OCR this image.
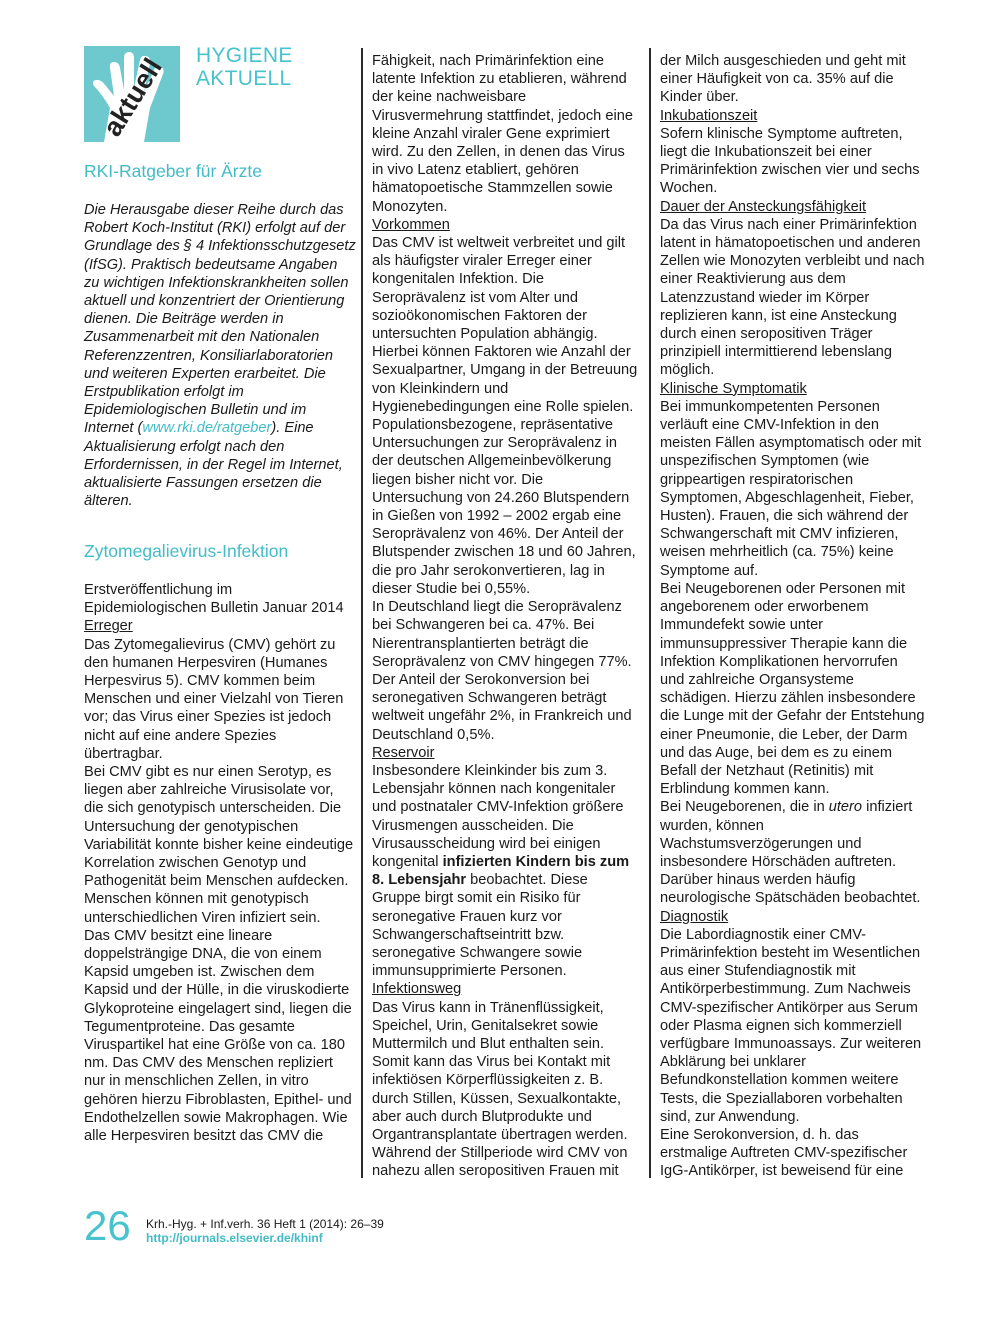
aktuell HYGIENE
AKTUELL
RKI-Ratgeber für Ärzte

Die Herausgabe dieser Reihe durch das Robert Koch-Institut (RKI) erfolgt auf der Grundlage des § 4 Infektionsschutzgesetz (IfSG). Praktisch bedeutsame Angaben zu wichtigen Infektionskrankheiten sollen aktuell und konzentriert der Orientierung dienen. Die Beiträge werden in Zusammenarbeit mit den Nationalen Referenzzentren, Konsiliarlaboratorien und weiteren Experten erarbeitet. Die Erstpublikation erfolgt im Epidemiologischen Bulletin und im Internet (www.rki.de/ratgeber). Eine Aktualisierung erfolgt nach den Erfordernissen, in der Regel im Internet, aktualisierte Fassungen ersetzen die älteren.

Zytomegalievirus-Infektion

Erstveröffentlichung im Epidemiologischen Bulletin Januar 2014

Erreger

Das Zytomegalievirus (CMV) gehört zu den humanen Herpesviren (Humanes Herpesvirus 5). CMV kommen beim Menschen und einer Vielzahl von Tieren vor; das Virus einer Spezies ist jedoch nicht auf eine andere Spezies übertragbar.

Bei CMV gibt es nur einen Serotyp, es liegen aber zahlreiche Virusisolate vor, die sich genotypisch unterscheiden. Die Untersuchung der genotypischen Variabilität konnte bisher keine eindeutige Korrelation zwischen Genotyp und Pathogenität beim Menschen aufdecken. Menschen können mit genotypisch unterschiedlichen Viren infiziert sein.

Das CMV besitzt eine lineare doppelsträngige DNA, die von einem Kapsid umgeben ist. Zwischen dem Kapsid und der Hülle, in die viruskodierte Glykoproteine eingelagert sind, liegen die Tegumentproteine. Das gesamte Viruspartikel hat eine Größe von ca. 180 nm. Das CMV des Menschen repliziert nur in menschlichen Zellen, in vitro gehören hierzu Fibroblasten, Epithel- und Endothelzellen sowie Makrophagen. Wie alle Herpesviren besitzt das CMV die

Fähigkeit, nach Primärinfektion eine latente Infektion zu etablieren, während der keine nachweisbare Virusvermehrung stattfindet, jedoch eine kleine Anzahl viraler Gene exprimiert wird. Zu den Zellen, in denen das Virus in vivo Latenz etabliert, gehören hämatopoetische Stammzellen sowie Monozyten.

Vorkommen

Das CMV ist weltweit verbreitet und gilt als häufigster viraler Erreger einer kongenitalen Infektion. Die Seroprävalenz ist vom Alter und sozioökonomischen Faktoren der untersuchten Population abhängig. Hierbei können Faktoren wie Anzahl der Sexualpartner, Umgang in der Betreuung von Kleinkindern und Hygienebedingungen eine Rolle spielen. Populationsbezogene, repräsentative Untersuchungen zur Seroprävalenz in der deutschen Allgemeinbevölkerung liegen bisher nicht vor. Die Untersuchung von 24.260 Blutspendern in Gießen von 1992 – 2002 ergab eine Seroprävalenz von 46%. Der Anteil der Blutspender zwischen 18 und 60 Jahren, die pro Jahr serokonvertieren, lag in dieser Studie bei 0,55%.

In Deutschland liegt die Seroprävalenz bei Schwangeren bei ca. 47%. Bei Nierentransplantierten beträgt die Seroprävalenz von CMV hingegen 77%. Der Anteil der Serokonversion bei seronegativen Schwangeren beträgt weltweit ungefähr 2%, in Frankreich und Deutschland 0,5%.

Reservoir

Insbesondere Kleinkinder bis zum 3. Lebensjahr können nach kongenitaler und postnataler CMV-Infektion größere Virusmengen ausscheiden. Die Virusausscheidung wird bei einigen kongenital infizierten Kindern bis zum 8. Lebensjahr beobachtet. Diese Gruppe birgt somit ein Risiko für seronegative Frauen kurz vor Schwangerschaftseintritt bzw. seronegative Schwangere sowie immunsupprimierte Personen.

Infektionsweg

Das Virus kann in Tränenflüssigkeit, Speichel, Urin, Genitalsekret sowie Muttermilch und Blut enthalten sein. Somit kann das Virus bei Kontakt mit infektiösen Körperflüssigkeiten z. B. durch Stillen, Küssen, Sexualkontakte, aber auch durch Blutprodukte und Organtransplantate übertragen werden. Während der Stillperiode wird CMV von nahezu allen seropositiven Frauen mit

der Milch ausgeschieden und geht mit einer Häufigkeit von ca. 35% auf die Kinder über.

Inkubationszeit

Sofern klinische Symptome auftreten, liegt die Inkubationszeit bei einer Primärinfektion zwischen vier und sechs Wochen.

Dauer der Ansteckungsfähigkeit

Da das Virus nach einer Primärinfektion latent in hämatopoetischen und anderen Zellen wie Monozyten verbleibt und nach einer Reaktivierung aus dem Latenzzustand wieder im Körper replizieren kann, ist eine Ansteckung durch einen seropositiven Träger prinzipiell intermittierend lebenslang möglich.

Klinische Symptomatik

Bei immunkompetenten Personen verläuft eine CMV-Infektion in den meisten Fällen asymptomatisch oder mit unspezifischen Symptomen (wie grippeartigen respiratorischen Symptomen, Abgeschlagenheit, Fieber, Husten). Frauen, die sich während der Schwangerschaft mit CMV infizieren, weisen mehrheitlich (ca. 75%) keine Symptome auf.

Bei Neugeborenen oder Personen mit angeborenem oder erworbenem Immundefekt sowie unter immunsuppressiver Therapie kann die Infektion Komplikationen hervorrufen und zahlreiche Organsysteme schädigen. Hierzu zählen insbesondere die Lunge mit der Gefahr der Entstehung einer Pneumonie, die Leber, der Darm und das Auge, bei dem es zu einem Befall der Netzhaut (Retinitis) mit Erblindung kommen kann.

Bei Neugeborenen, die in utero infiziert wurden, können Wachstumsverzögerungen und insbesondere Hörschäden auftreten. Darüber hinaus werden häufig neurologische Spätschäden beobachtet.

Diagnostik

Die Labordiagnostik einer CMV-Primärinfektion besteht im Wesentlichen aus einer Stufendiagnostik mit Antikörperbestimmung. Zum Nachweis CMV-spezifischer Antikörper aus Serum oder Plasma eignen sich kommerziell verfügbare Immunoassays. Zur weiteren Abklärung bei unklarer Befundkonstellation kommen weitere Tests, die Speziallaboren vorbehalten sind, zur Anwendung.

Eine Serokonversion, d. h. das erstmalige Auftreten CMV-spezifischer IgG-Antikörper, ist beweisend für eine

26 Krh.-Hyg. + Inf.verh. 36 Heft 1 (2014): 26–39
http://journals.elsevier.de/khinf
